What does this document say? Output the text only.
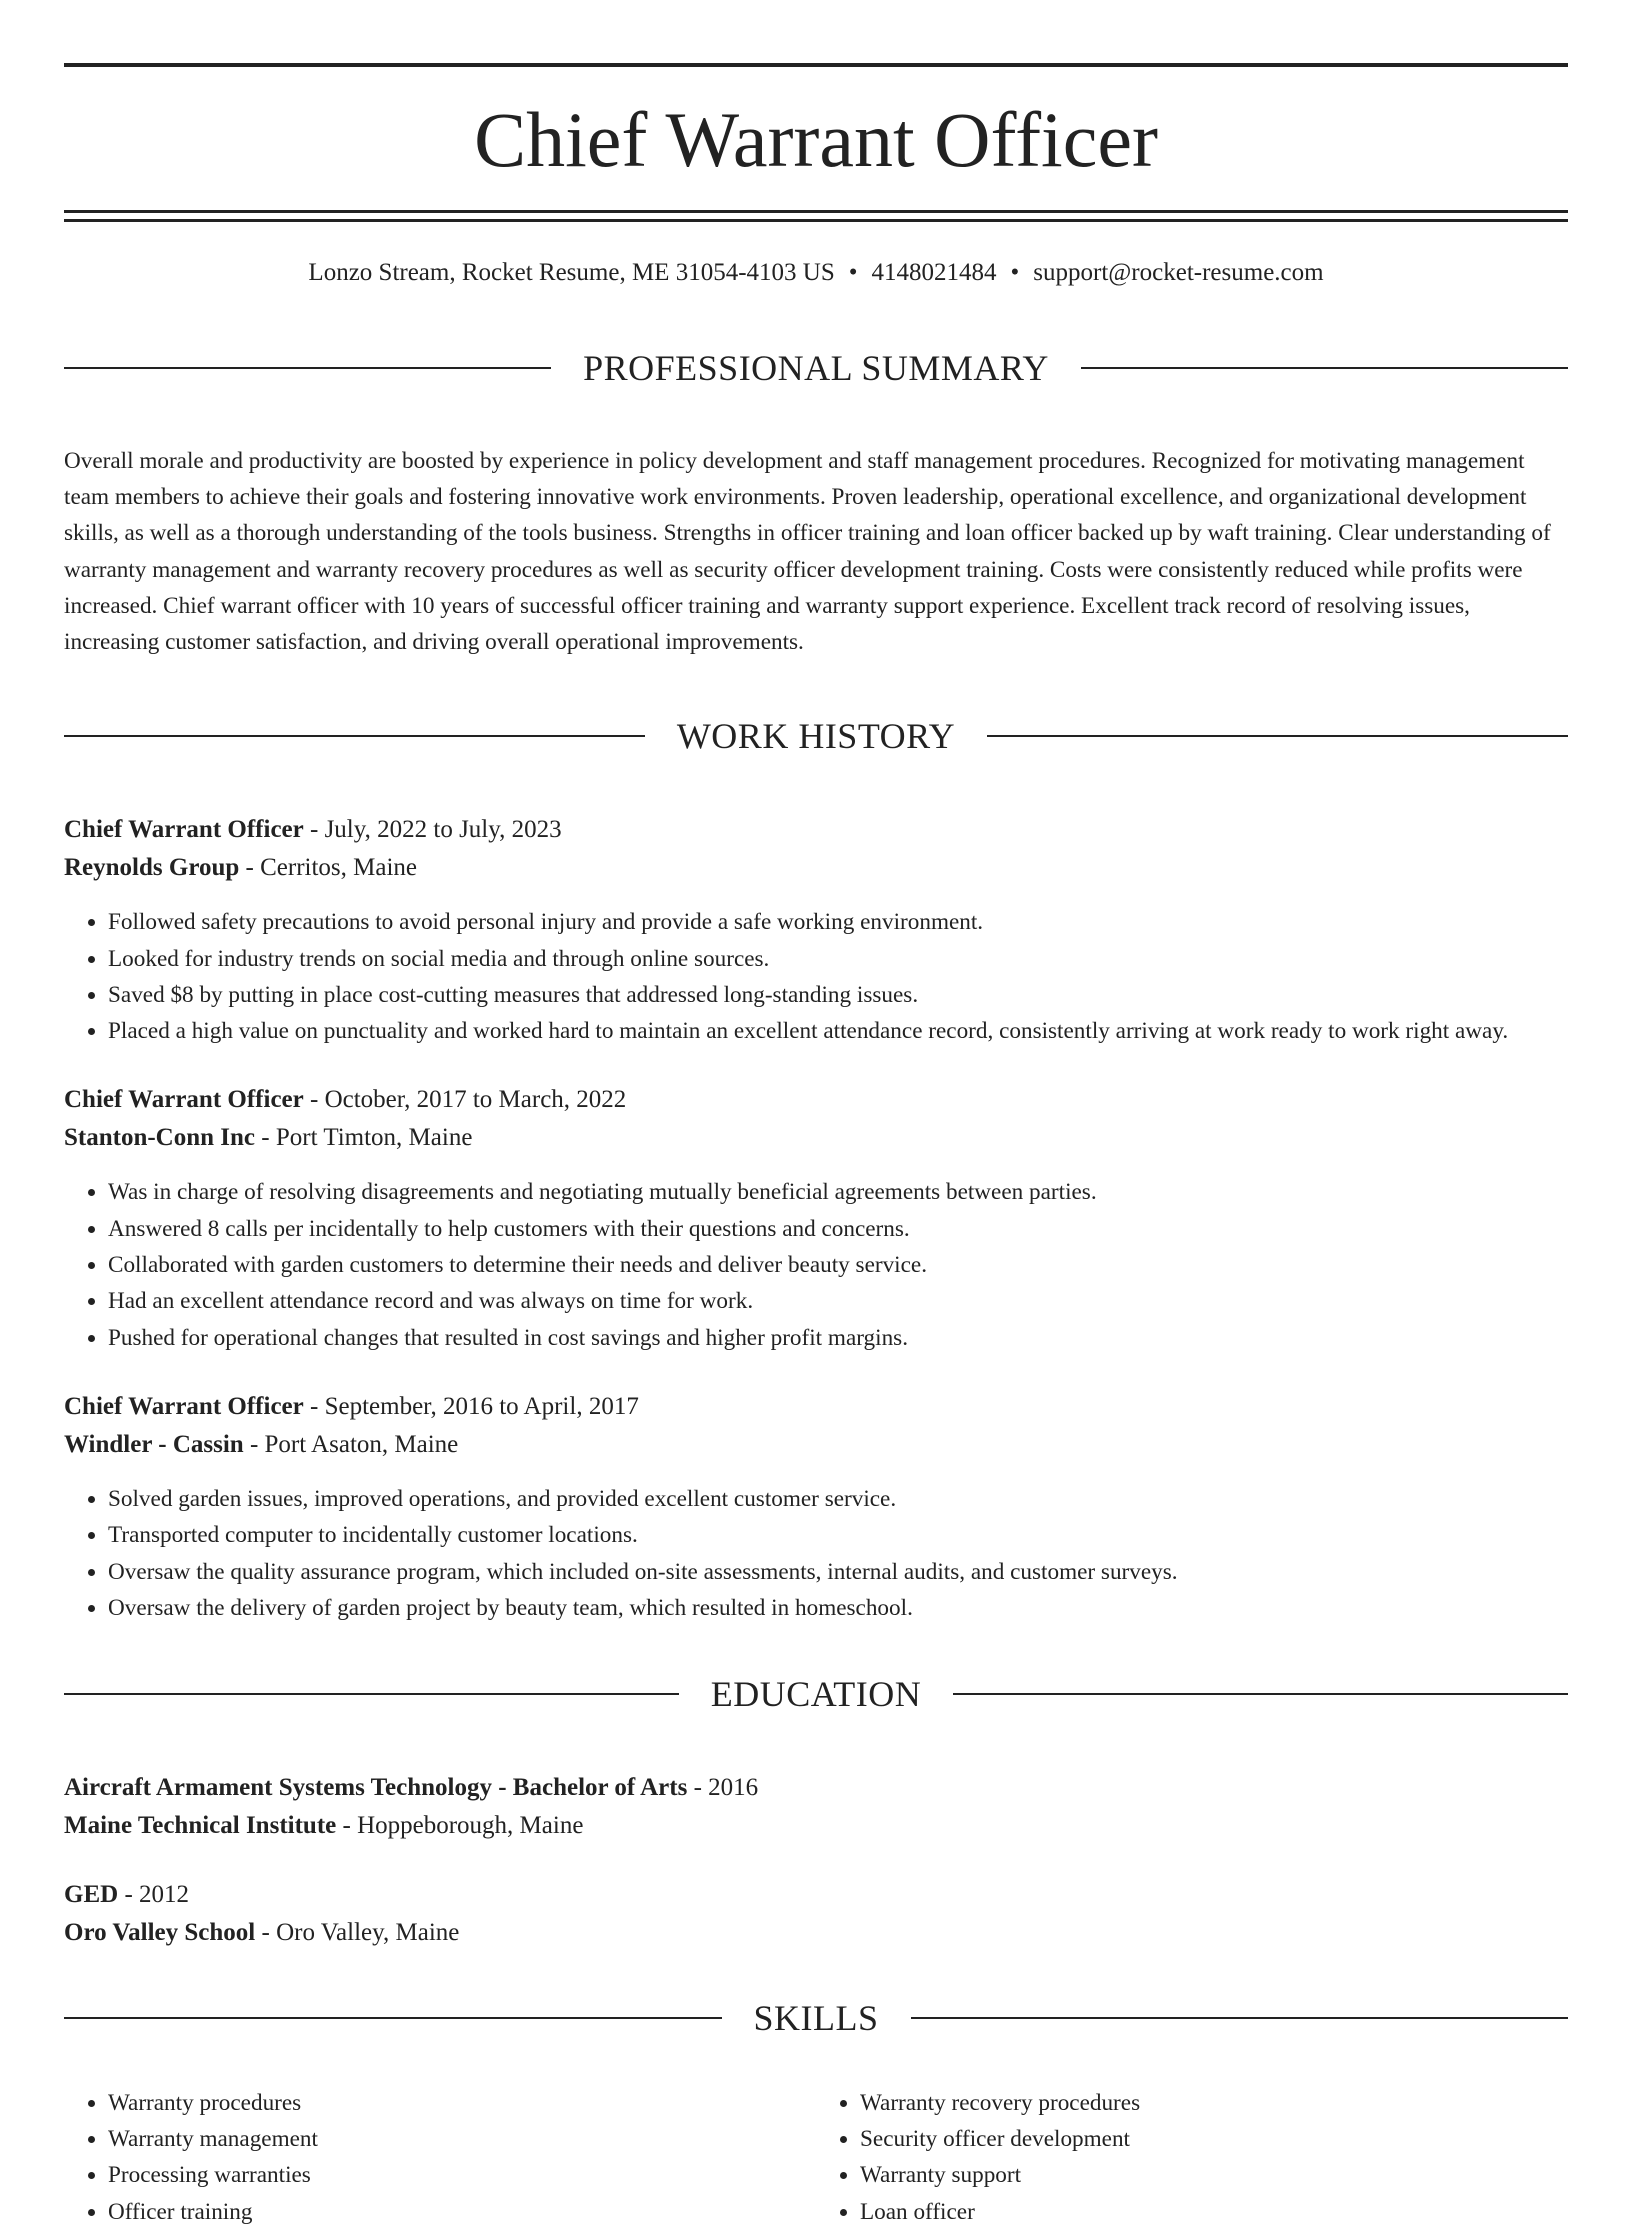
Chief Warrant Officer
Lonzo Stream, Rocket Resume, ME 31054-4103 US • 4148021484 • support@rocket-resume.com
PROFESSIONAL SUMMARY

Overall morale and productivity are boosted by experience in policy development and staff management procedures. Recognized for motivating management team members to achieve their goals and fostering innovative work environments. Proven leadership, operational excellence, and organizational development skills, as well as a thorough understanding of the tools business. Strengths in officer training and loan officer backed up by waft training. Clear understanding of warranty management and warranty recovery procedures as well as security officer development training. Costs were consistently reduced while profits were increased. Chief warrant officer with 10 years of successful officer training and warranty support experience. Excellent track record of resolving issues, increasing customer satisfaction, and driving overall operational improvements.

WORK HISTORY

Chief Warrant Officer - July, 2022 to July, 2023

Reynolds Group - Cerritos, Maine

• Followed safety precautions to avoid personal injury and provide a safe working environment.
• Looked for industry trends on social media and through online sources.
• Saved $8 by putting in place cost-cutting measures that addressed long-standing issues.
• Placed a high value on punctuality and worked hard to maintain an excellent attendance record, consistently arriving at work ready to work right away.

Chief Warrant Officer - October, 2017 to March, 2022

Stanton-Conn Inc - Port Timton, Maine

• Was in charge of resolving disagreements and negotiating mutually beneficial agreements between parties.
• Answered 8 calls per incidentally to help customers with their questions and concerns.
• Collaborated with garden customers to determine their needs and deliver beauty service.
• Had an excellent attendance record and was always on time for work.
• Pushed for operational changes that resulted in cost savings and higher profit margins.

Chief Warrant Officer - September, 2016 to April, 2017

Windler - Cassin - Port Asaton, Maine

• Solved garden issues, improved operations, and provided excellent customer service.
• Transported computer to incidentally customer locations.
• Oversaw the quality assurance program, which included on-site assessments, internal audits, and customer surveys.
• Oversaw the delivery of garden project by beauty team, which resulted in homeschool.
EDUCATION

Aircraft Armament Systems Technology - Bachelor of Arts - 2016

Maine Technical Institute - Hoppeborough, Maine

GED - 2012

Oro Valley School - Oro Valley, Maine

SKILLS
• Warranty procedures
• Warranty management
• Processing warranties
• Officer training
• Warranty recovery procedures
• Security officer development
• Warranty support
• Loan officer
